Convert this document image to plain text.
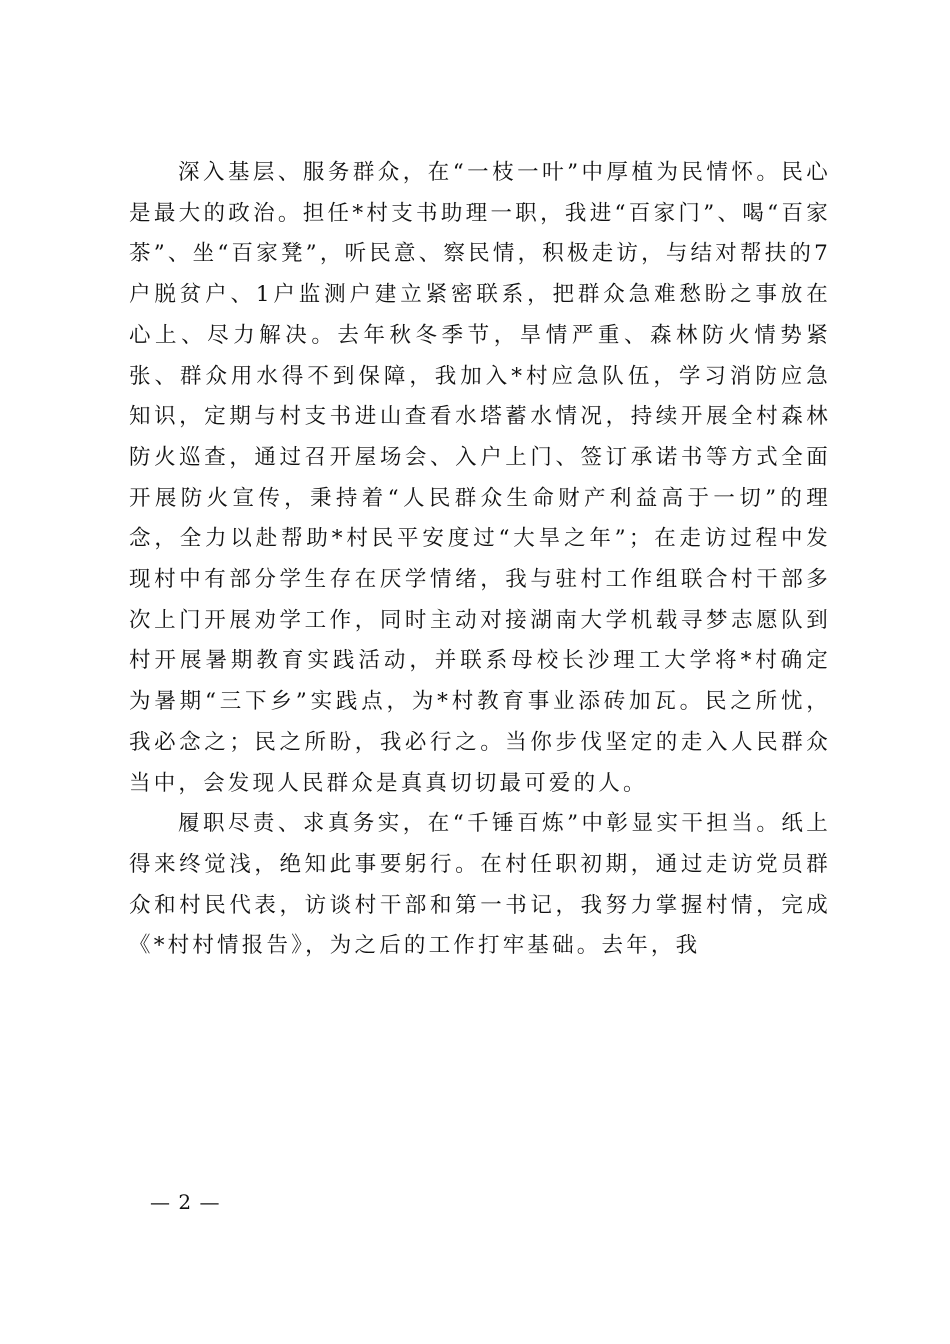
深入基层、服务群众，在“一枝一叶”中厚植为民情怀。民心是最大的政治。担任*村支书助理一职，我进“百家门”、喝“百家茶”、坐“百家凳”，听民意、察民情，积极走访，与结对帮扶的7户脱贫户、1户监测户建立紧密联系，把群众急难愁盼之事放在心上、尽力解决。去年秋冬季节，旱情严重、森林防火情势紧张、群众用水得不到保障，我加入*村应急队伍，学习消防应急知识，定期与村支书进山查看水塔蓄水情况，持续开展全村森林防火巡查，通过召开屋场会、入户上门、签订承诺书等方式全面开展防火宣传，秉持着“人民群众生命财产利益高于一切”的理念，全力以赴帮助*村民平安度过“大旱之年”；在走访过程中发现村中有部分学生存在厌学情绪，我与驻村工作组联合村干部多次上门开展劝学工作，同时主动对接湖南大学机载寻梦志愿队到村开展暑期教育实践活动，并联系母校长沙理工大学将*村确定为暑期“三下乡”实践点，为*村教育事业添砖加瓦。民之所忧，我必念之；民之所盼，我必行之。当你步伐坚定的走入人民群众当中，会发现人民群众是真真切切最可爱的人。

履职尽责、求真务实，在“千锤百炼”中彰显实干担当。纸上得来终觉浅，绝知此事要躬行。在村任职初期，通过走访党员群众和村民代表，访谈村干部和第一书记，我努力掌握村情，完成《*村村情报告》，为之后的工作打牢基础。去年，我

— 2 —
